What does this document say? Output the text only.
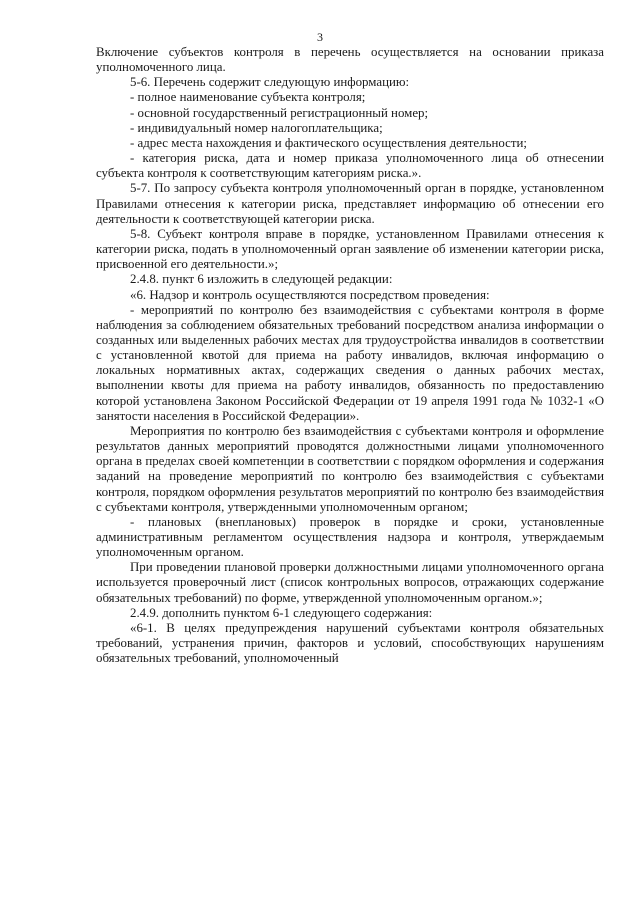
3

Включение субъектов контроля в перечень осуществляется на основании приказа уполномоченного лица.

5-6. Перечень содержит следующую информацию:

- полное наименование субъекта контроля;

- основной государственный регистрационный номер;

- индивидуальный номер налогоплательщика;

- адрес места нахождения и фактического осуществления деятельности;

- категория риска, дата и номер приказа уполномоченного лица об отнесении субъекта контроля к соответствующим категориям риска.».

5-7. По запросу субъекта контроля уполномоченный орган в порядке, установленном Правилами отнесения к категории риска, представляет информацию об отнесении его деятельности к соответствующей категории риска.

5-8. Субъект контроля вправе в порядке, установленном Правилами отнесения к категории риска, подать в уполномоченный орган заявление об изменении категории риска, присвоенной его деятельности.»;

2.4.8. пункт 6 изложить в следующей редакции:

«6. Надзор и контроль осуществляются посредством проведения:

- мероприятий по контролю без взаимодействия с субъектами контроля в форме наблюдения за соблюдением обязательных требований посредством анализа информации о созданных или выделенных рабочих местах для трудоустройства инвалидов в соответствии с установленной квотой для приема на работу инвалидов, включая информацию о локальных нормативных актах, содержащих сведения о данных рабочих местах, выполнении квоты для приема на работу инвалидов, обязанность по предоставлению которой установлена Законом Российской Федерации от 19 апреля 1991 года № 1032-1 «О занятости населения в Российской Федерации».

Мероприятия по контролю без взаимодействия с субъектами контроля и оформление результатов данных мероприятий проводятся должностными лицами уполномоченного органа в пределах своей компетенции в соответствии с порядком оформления и содержания заданий на проведение мероприятий по контролю без взаимодействия с субъектами контроля, порядком оформления результатов мероприятий по контролю без взаимодействия с субъектами контроля, утвержденными уполномоченным органом;

- плановых (внеплановых) проверок в порядке и сроки, установленные административным регламентом осуществления надзора и контроля, утверждаемым уполномоченным органом.

При проведении плановой проверки должностными лицами уполномоченного органа используется проверочный лист (список контрольных вопросов, отражающих содержание обязательных требований) по форме, утвержденной уполномоченным органом.»;

2.4.9. дополнить пунктом 6-1 следующего содержания:

«6-1. В целях предупреждения нарушений субъектами контроля обязательных требований, устранения причин, факторов и условий, способствующих нарушениям обязательных требований, уполномоченный
